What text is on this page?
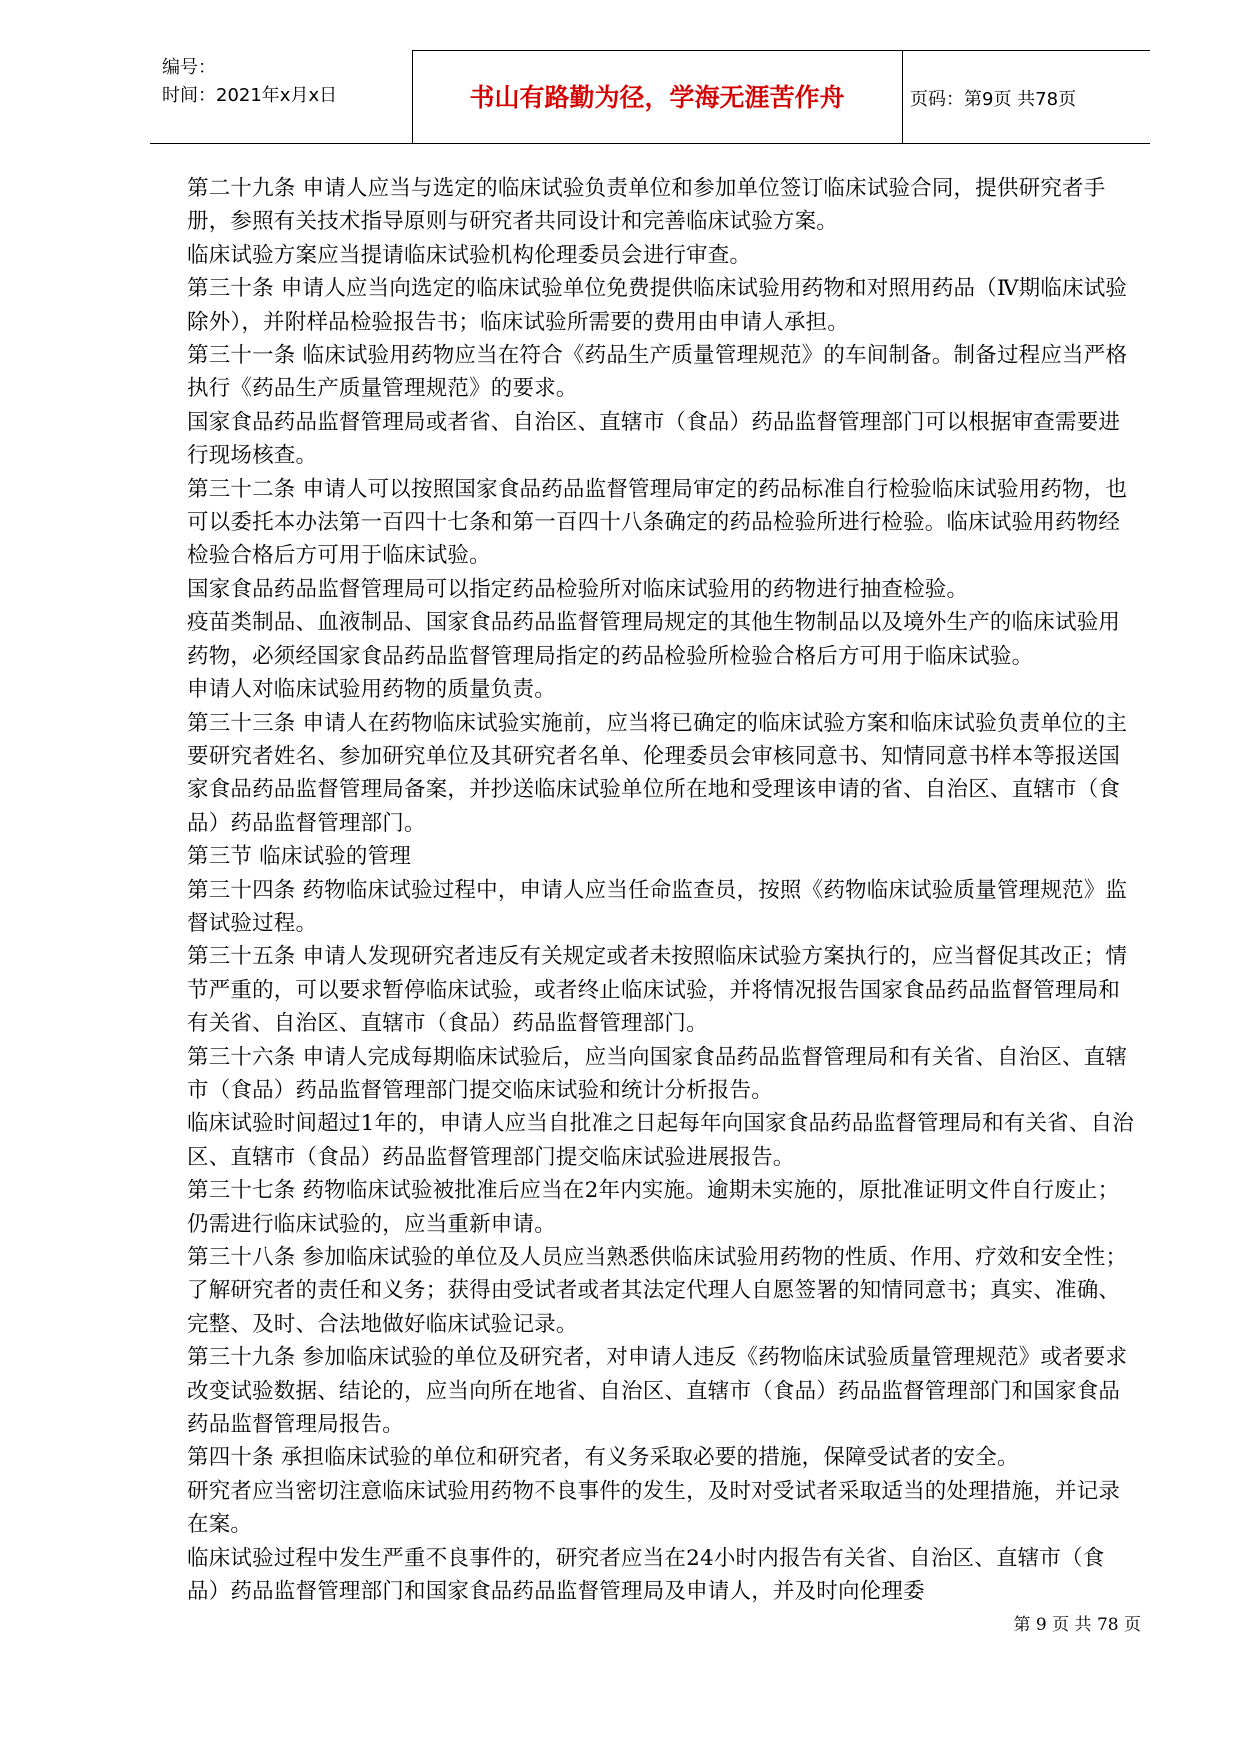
编号：
时间：2021年x月x日	书山有路勤为径，学海无涯苦作舟	页码：第9页 共78页

第二十九条 申请人应当与选定的临床试验负责单位和参加单位签订临床试验合同，提供研究者手册，参照有关技术指导原则与研究者共同设计和完善临床试验方案。

临床试验方案应当提请临床试验机构伦理委员会进行审查。

第三十条 申请人应当向选定的临床试验单位免费提供临床试验用药物和对照用药品（Ⅳ期临床试验除外），并附样品检验报告书；临床试验所需要的费用由申请人承担。

第三十一条 临床试验用药物应当在符合《药品生产质量管理规范》的车间制备。制备过程应当严格执行《药品生产质量管理规范》的要求。

国家食品药品监督管理局或者省、自治区、直辖市（食品）药品监督管理部门可以根据审查需要进行现场核查。

第三十二条 申请人可以按照国家食品药品监督管理局审定的药品标准自行检验临床试验用药物，也可以委托本办法第一百四十七条和第一百四十八条确定的药品检验所进行检验。临床试验用药物经检验合格后方可用于临床试验。

国家食品药品监督管理局可以指定药品检验所对临床试验用的药物进行抽查检验。

疫苗类制品、血液制品、国家食品药品监督管理局规定的其他生物制品以及境外生产的临床试验用药物，必须经国家食品药品监督管理局指定的药品检验所检验合格后方可用于临床试验。

申请人对临床试验用药物的质量负责。

第三十三条 申请人在药物临床试验实施前，应当将已确定的临床试验方案和临床试验负责单位的主要研究者姓名、参加研究单位及其研究者名单、伦理委员会审核同意书、知情同意书样本等报送国家食品药品监督管理局备案，并抄送临床试验单位所在地和受理该申请的省、自治区、直辖市（食品）药品监督管理部门。

第三节 临床试验的管理

第三十四条 药物临床试验过程中，申请人应当任命监查员，按照《药物临床试验质量管理规范》监督试验过程。

第三十五条 申请人发现研究者违反有关规定或者未按照临床试验方案执行的，应当督促其改正；情节严重的，可以要求暂停临床试验，或者终止临床试验，并将情况报告国家食品药品监督管理局和有关省、自治区、直辖市（食品）药品监督管理部门。

第三十六条 申请人完成每期临床试验后，应当向国家食品药品监督管理局和有关省、自治区、直辖市（食品）药品监督管理部门提交临床试验和统计分析报告。

临床试验时间超过1年的，申请人应当自批准之日起每年向国家食品药品监督管理局和有关省、自治区、直辖市（食品）药品监督管理部门提交临床试验进展报告。

第三十七条 药物临床试验被批准后应当在2年内实施。逾期未实施的，原批准证明文件自行废止；仍需进行临床试验的，应当重新申请。

第三十八条 参加临床试验的单位及人员应当熟悉供临床试验用药物的性质、作用、疗效和安全性；了解研究者的责任和义务；获得由受试者或者其法定代理人自愿签署的知情同意书；真实、准确、完整、及时、合法地做好临床试验记录。

第三十九条 参加临床试验的单位及研究者，对申请人违反《药物临床试验质量管理规范》或者要求改变试验数据、结论的，应当向所在地省、自治区、直辖市（食品）药品监督管理部门和国家食品药品监督管理局报告。

第四十条 承担临床试验的单位和研究者，有义务采取必要的措施，保障受试者的安全。

研究者应当密切注意临床试验用药物不良事件的发生，及时对受试者采取适当的处理措施，并记录在案。

临床试验过程中发生严重不良事件的，研究者应当在24小时内报告有关省、自治区、直辖市（食品）药品监督管理部门和国家食品药品监督管理局及申请人，并及时向伦理委

第 9 页 共 78 页
